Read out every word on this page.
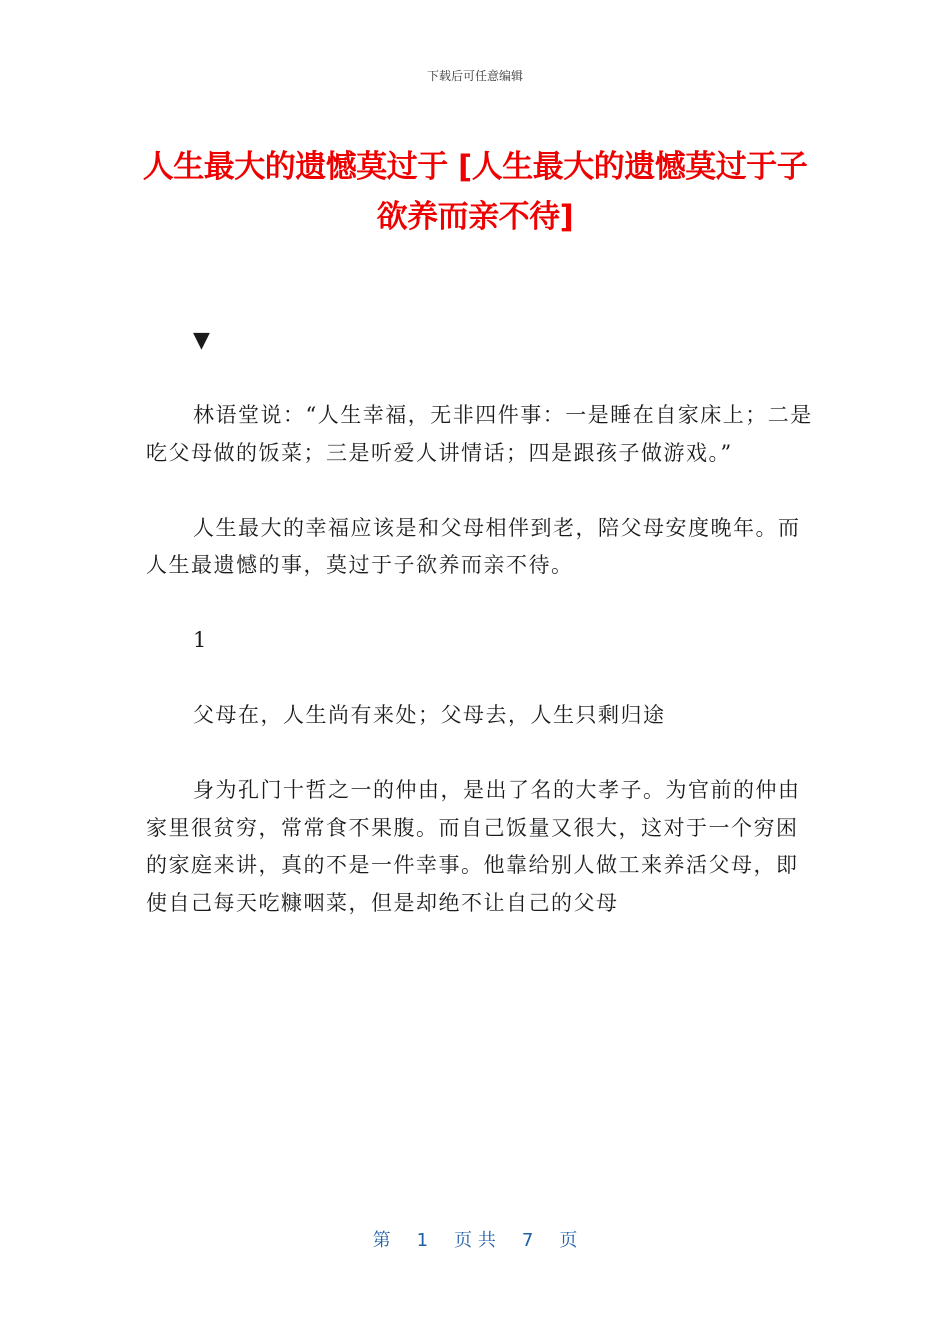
下载后可任意编辑
人生最大的遗憾莫过于 [人生最大的遗憾莫过于子欲养而亲不待]

▼

林语堂说：“人生幸福，无非四件事：一是睡在自家床上；二是吃父母做的饭菜；三是听爱人讲情话；四是跟孩子做游戏。”

人生最大的幸福应该是和父母相伴到老，陪父母安度晚年。而人生最遗憾的事，莫过于子欲养而亲不待。

1

父母在，人生尚有来处；父母去，人生只剩归途

身为孔门十哲之一的仲由，是出了名的大孝子。为官前的仲由家里很贫穷，常常食不果腹。而自己饭量又很大，这对于一个穷困的家庭来讲，真的不是一件幸事。他靠给别人做工来养活父母，即使自己每天吃糠咽菜，但是却绝不让自己的父母

第 1 页 共 7 页
